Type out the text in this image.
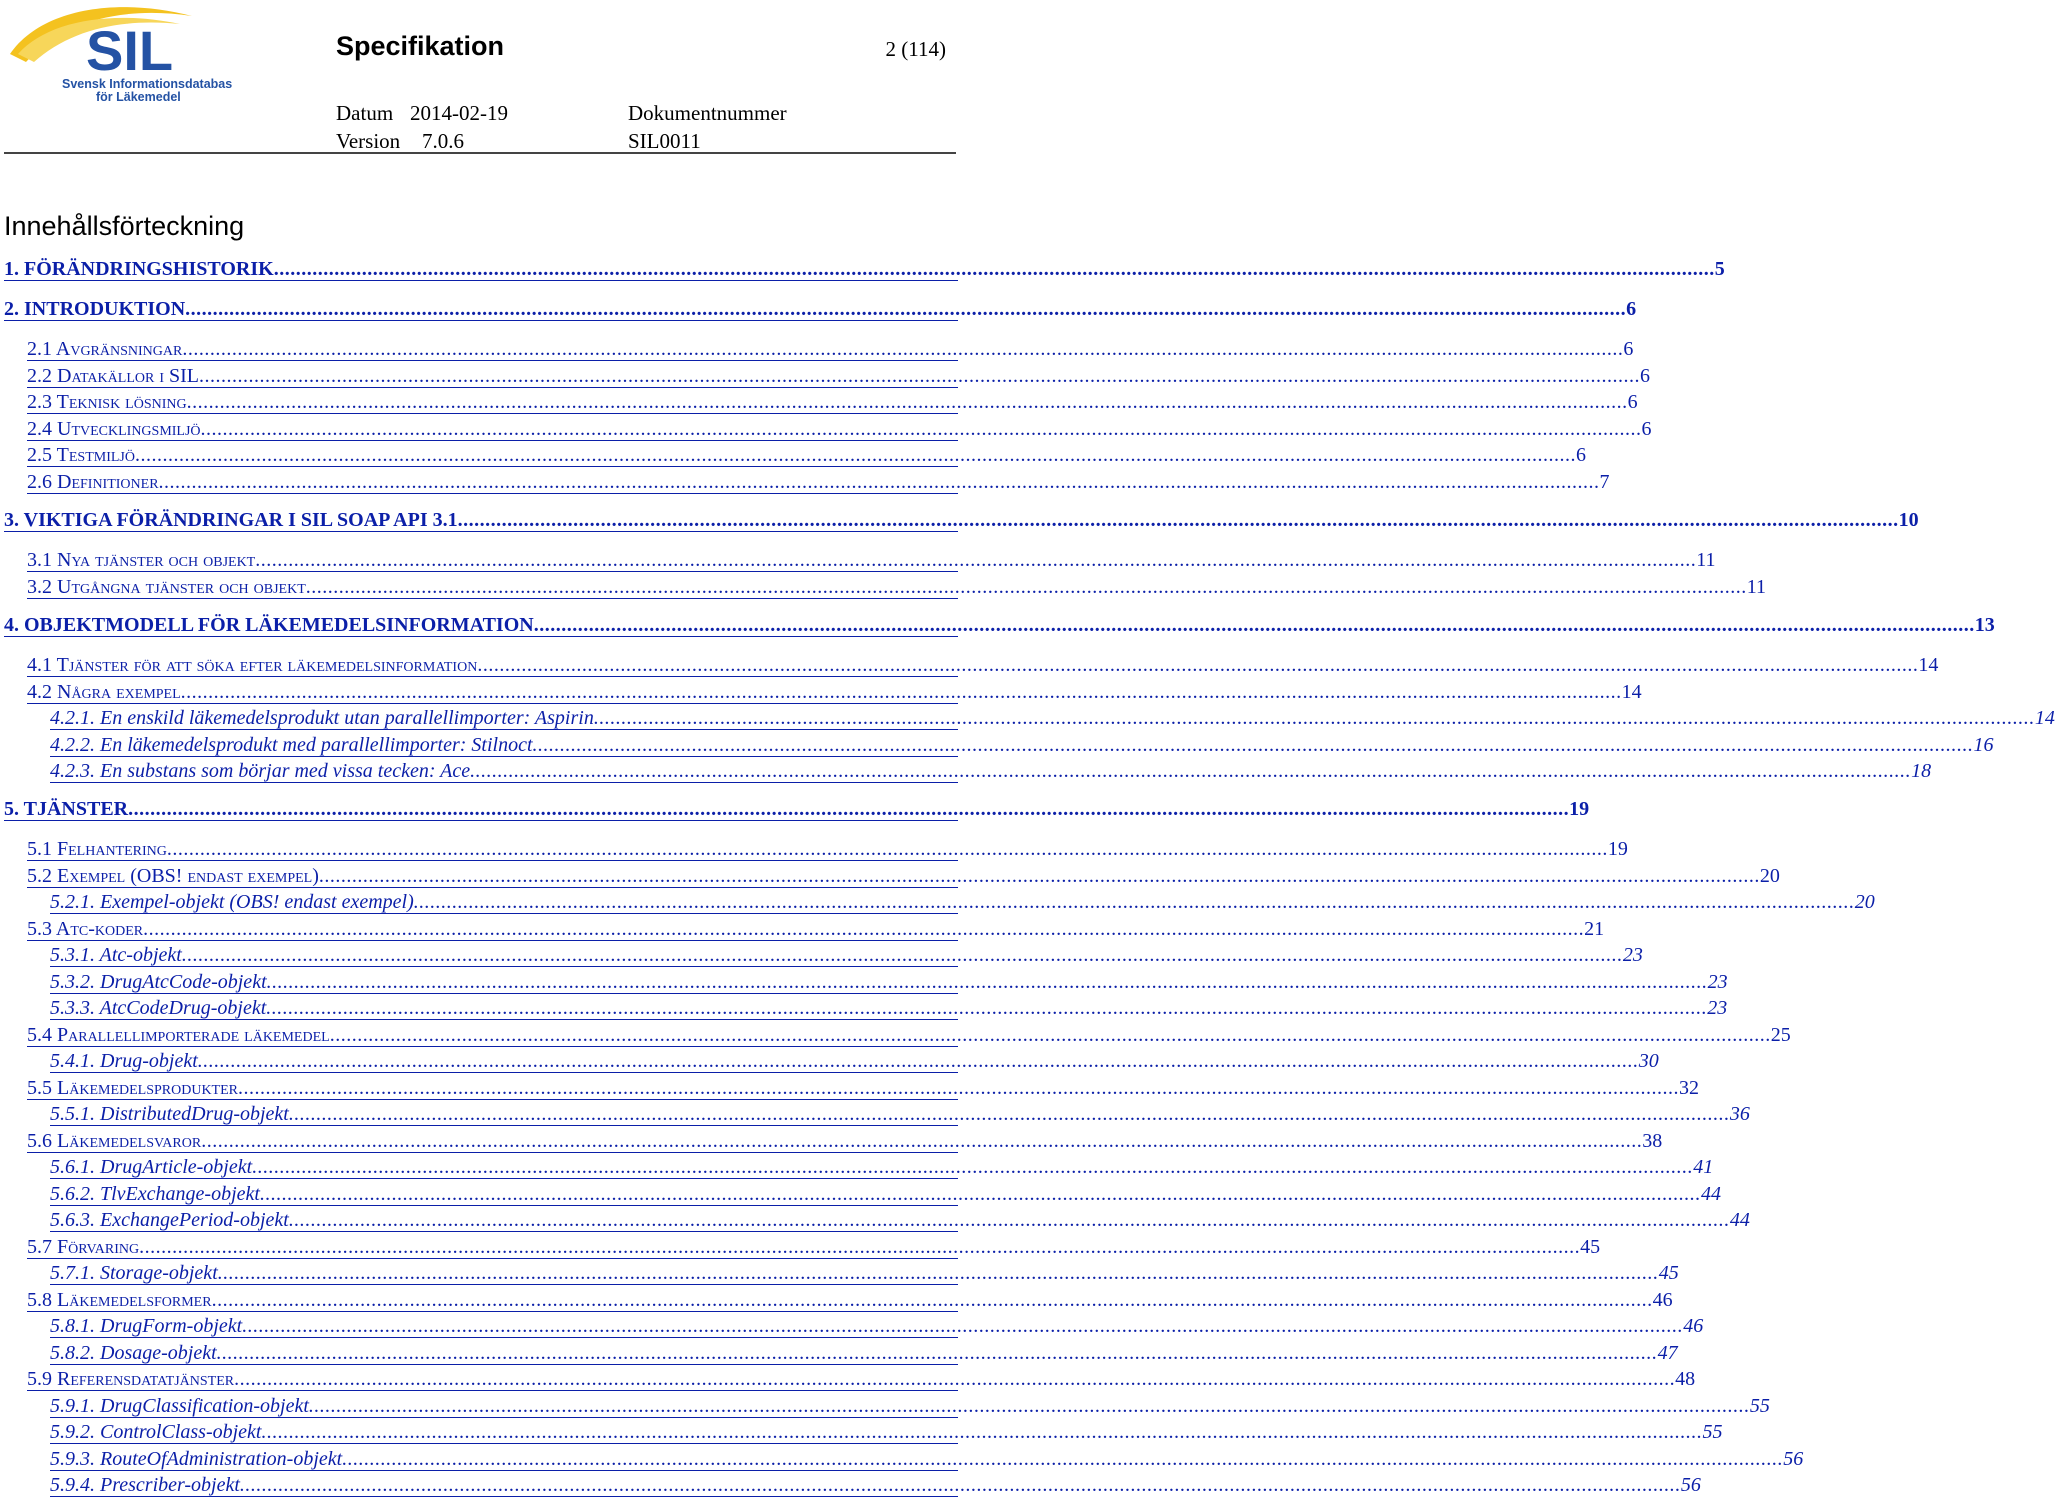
SIL
Svensk Informationsdatabas
för Läkemedel
Specifikation	2 (114)
Datum 2014-02-19
Version 7.0.6
Dokumentnummer
SIL0011
Innehållsförteckning
1. FÖRÄNDRINGSHISTORIK .....	5
2. INTRODUKTION .....	6
2.1 Avgränsningar .....	6
2.2 Datakällor i SIL .....	6
2.3 Teknisk lösning .....	6
2.4 Utvecklingsmiljö .....	6
2.5 Testmiljö .....	6
2.6 Definitioner .....	7
3. VIKTIGA FÖRÄNDRINGAR I SIL SOAP API 3.1 .....	10
3.1 Nya tjänster och objekt .....	11
3.2 Utgångna tjänster och objekt .....	11
4. OBJEKTMODELL FÖR LÄKEMEDELSINFORMATION .....	13
4.1 Tjänster för att söka efter läkemedelsinformation .....	14
4.2 Några exempel .....	14
4.2.1. En enskild läkemedelsprodukt utan parallellimporter: Aspirin .....	14
4.2.2. En läkemedelsprodukt med parallellimporter: Stilnoct .....	16
4.2.3. En substans som börjar med vissa tecken: Ace .....	18
5. TJÄNSTER .....	19
5.1 Felhantering .....	19
5.2 Exempel (OBS! endast exempel) .....	20
5.2.1. Exempel-objekt (OBS! endast exempel) .....	20
5.3 Atc-koder .....	21
5.3.1. Atc-objekt .....	23
5.3.2. DrugAtcCode-objekt .....	23
5.3.3. AtcCodeDrug-objekt .....	23
5.4 Parallellimporterade läkemedel .....	25
5.4.1. Drug-objekt .....	30
5.5 Läkemedelsprodukter .....	32
5.5.1. DistributedDrug-objekt .....	36
5.6 Läkemedelsvaror .....	38
5.6.1. DrugArticle-objekt .....	41
5.6.2. TlvExchange-objekt .....	44
5.6.3. ExchangePeriod-objekt .....	44
5.7 Förvaring .....	45
5.7.1. Storage-objekt .....	45
5.8 Läkemedelsformer .....	46
5.8.1. DrugForm-objekt .....	46
5.8.2. Dosage-objekt .....	47
5.9 Referensdatatjänster .....	48
5.9.1. DrugClassification-objekt .....	55
5.9.2. ControlClass-objekt .....	55
5.9.3. RouteOfAdministration-objekt .....	56
5.9.4. Prescriber-objekt .....	56
